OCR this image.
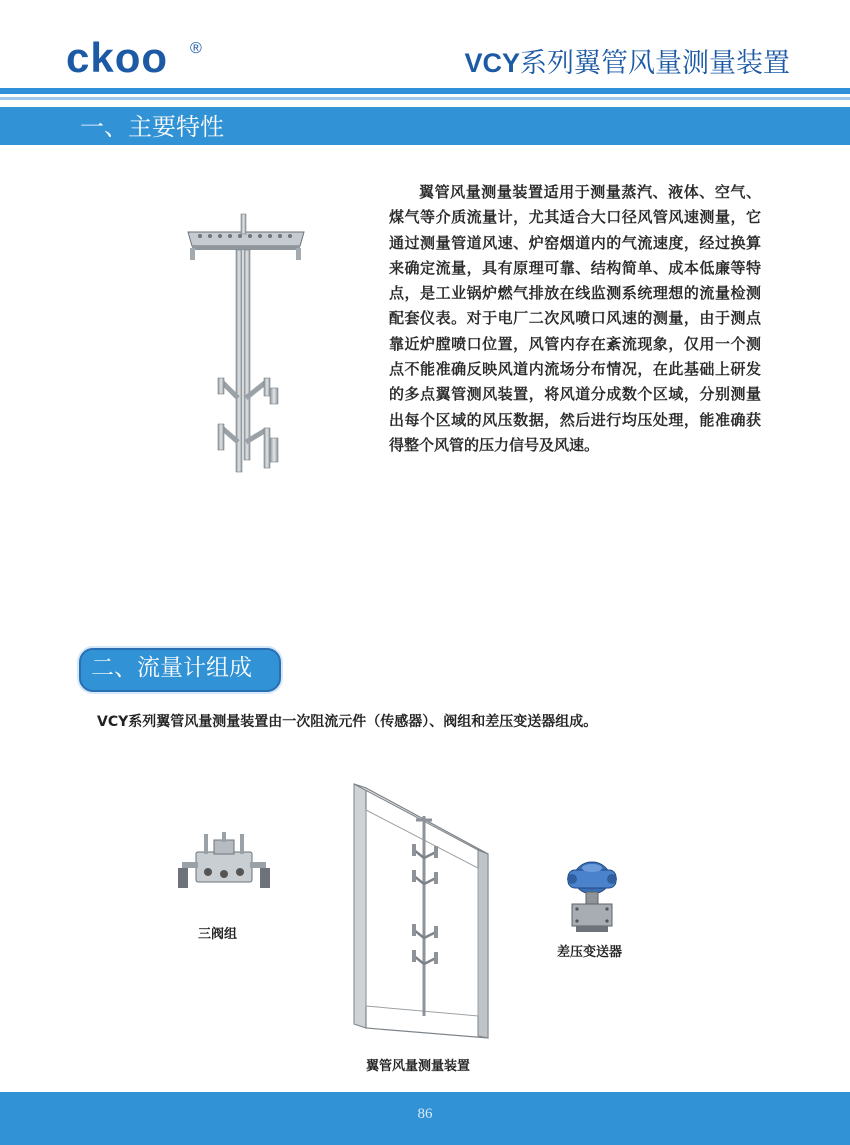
ckoo ®	VCY系列翼管风量测量装置
一、主要特性
翼管风量测量装置适用于测量蒸汽、液体、空气、煤气等介质流量计，尤其适合大口径风管风速测量，它通过测量管道风速、炉窑烟道内的气流速度，经过换算来确定流量，具有原理可靠、结构简单、成本低廉等特点，是工业锅炉燃气排放在线监测系统理想的流量检测配套仪表。对于电厂二次风喷口风速的测量，由于测点靠近炉膛喷口位置，风管内存在紊流现象，仅用一个测点不能准确反映风道内流场分布情况，在此基础上研发的多点翼管测风装置，将风道分成数个区域，分别测量出每个区域的风压数据，然后进行均压处理，能准确获得整个风管的压力信号及风速。
二、流量计组成
VCY系列翼管风量测量装置由一次阻流元件（传感器）、阀组和差压变送器组成。
三阀组
翼管风量测量装置
差压变送器
86
